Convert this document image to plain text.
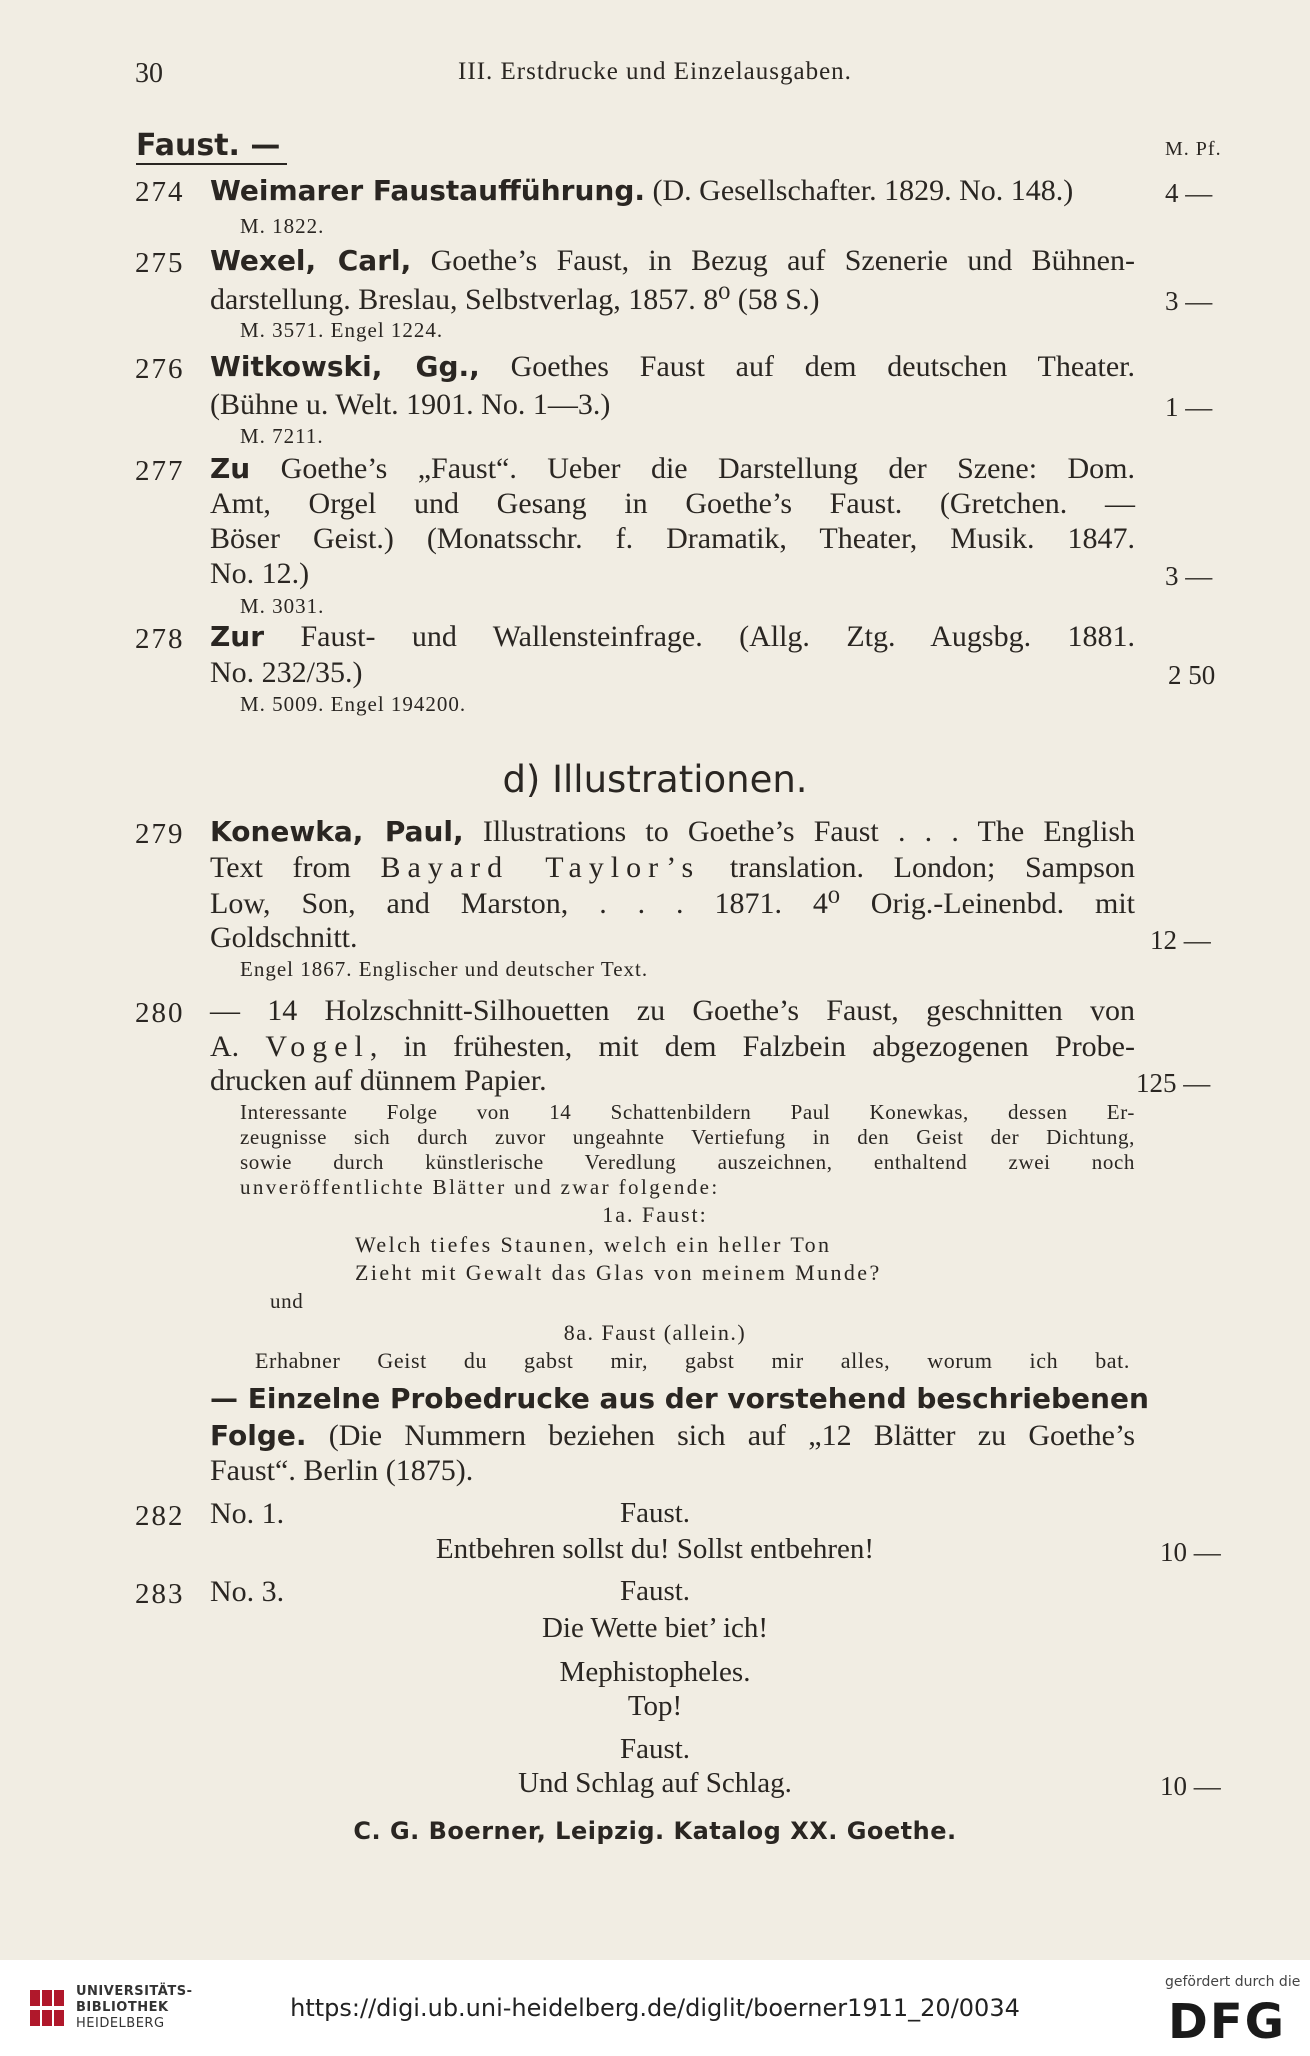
30	III. Erstdrucke und Einzelausgaben.
Faust. —	M. Pf.
274 Weimarer Faustaufführung. (D. Gesellschafter. 1829. No. 148.)	4 —
M. 1822.
275 Wexel, Carl, Goethe’s Faust, in Bezug auf Szenerie und Bühnen-
darstellung. Breslau, Selbstverlag, 1857. 8⁰ (58 S.)	3 —
M. 3571. Engel 1224.
276 Witkowski, Gg., Goethes Faust auf dem deutschen Theater.
(Bühne u. Welt. 1901. No. 1—3.)	1 —
M. 7211.
277 Zu Goethe’s „Faust“. Ueber die Darstellung der Szene: Dom.
Amt, Orgel und Gesang in Goethe’s Faust. (Gretchen. —
Böser Geist.) (Monatsschr. f. Dramatik, Theater, Musik. 1847.
No. 12.)	3 —
M. 3031.
278 Zur Faust- und Wallensteinfrage. (Allg. Ztg. Augsbg. 1881.
No. 232/35.)	2 50
M. 5009. Engel 194200.
d) Illustrationen.
279 Konewka, Paul, Illustrations to Goethe’s Faust . . . The English
Text from Bayard Taylor’s translation. London; Sampson
Low, Son, and Marston, . . . 1871. 4⁰ Orig.-Leinenbd. mit
Goldschnitt.	12 —
Engel 1867. Englischer und deutscher Text.
280 — 14 Holzschnitt-Silhouetten zu Goethe’s Faust, geschnitten von
A. Vogel, in frühesten, mit dem Falzbein abgezogenen Probe-
drucken auf dünnem Papier.	125 —
Interessante Folge von 14 Schattenbildern Paul Konewkas, dessen Er-
zeugnisse sich durch zuvor ungeahnte Vertiefung in den Geist der Dichtung,
sowie durch künstlerische Veredlung auszeichnen, enthaltend zwei noch
unveröffentlichte Blätter und zwar folgende:
1a. Faust:
Welch tiefes Staunen, welch ein heller Ton
Zieht mit Gewalt das Glas von meinem Munde?
und
8a. Faust (allein.)
Erhabner Geist du gabst mir, gabst mir alles, worum ich bat.
— Einzelne Probedrucke aus der vorstehend beschriebenen
Folge. (Die Nummern beziehen sich auf „12 Blätter zu Goethe’s
Faust“. Berlin (1875).
282 No. 1.	Faust.
Entbehren sollst du! Sollst entbehren!	10 —
283 No. 3.	Faust.
Die Wette biet’ ich!
Mephistopheles.
Top!
Faust.
Und Schlag auf Schlag.	10 —
C. G. Boerner, Leipzig. Katalog XX. Goethe.
UNIVERSITÄTS-
BIBLIOTHEK
HEIDELBERG
https://digi.ub.uni-heidelberg.de/diglit/boerner1911_20/0034
gefördert durch die
DFG
